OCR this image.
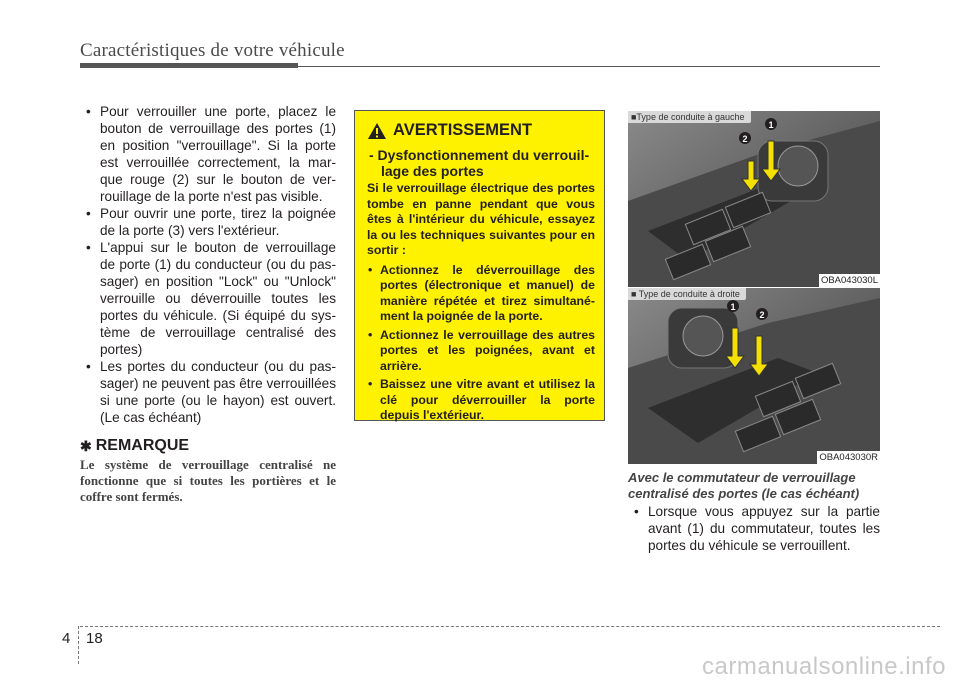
Caractéristiques de votre véhicule
• Pour verrouiller une porte, placez le bouton de verrouillage des portes (1) en position "verrouillage". Si la porte est verrouillée correctement, la mar-que rouge (2) sur le bouton de ver-rouillage de la porte n'est pas visible.
• Pour ouvrir une porte, tirez la poignée de la porte (3) vers l'extérieur.
• L'appui sur le bouton de verrouillage de porte (1) du conducteur (ou du pas-sager) en position "Lock" ou "Unlock" verrouille ou déverrouille toutes les portes du véhicule. (Si équipé du sys-tème de verrouillage centralisé des portes)
• Les portes du conducteur (ou du pas-sager) ne peuvent pas être verrouillées si une porte (ou le hayon) est ouvert. (Le cas échéant)
✱ REMARQUE
Le système de verrouillage centralisé ne fonctionne que si toutes les portières et le coffre sont fermés.
AVERTISSEMENT
- Dysfonctionnement du verrouil-
lage des portes
Si le verrouillage électrique des portes tombe en panne pendant que vous êtes à l'intérieur du véhicule, essayez la ou les techniques suivantes pour en sortir :
• Actionnez le déverrouillage des portes (électronique et manuel) de manière répétée et tirez simultané-ment la poignée de la porte.
• Actionnez le verrouillage des autres portes et les poignées, avant et arrière.
• Baissez une vitre avant et utilisez la clé pour déverrouiller la porte depuis l'extérieur.
2
1
■Type de conduite à gauche
OBA043030L
1
2
■ Type de conduite à droite
OBA043030R
Avec le commutateur de verrouillage
centralisé des portes (le cas échéant)
• Lorsque vous appuyez sur la partie avant (1) du commutateur, toutes les portes du véhicule se verrouillent.
4 18
carmanualsonline.info
